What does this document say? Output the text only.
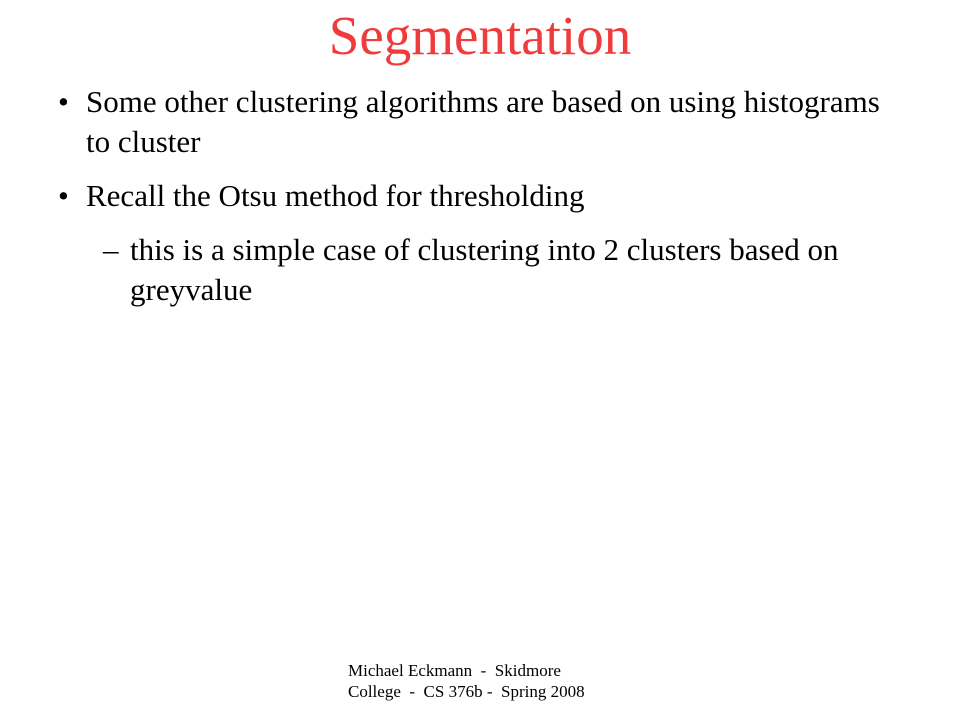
Segmentation
• Some other clustering algorithms are based on using histograms to cluster
• Recall the Otsu method for thresholding
– this is a simple case of clustering into 2 clusters based on greyvalue
Michael Eckmann  -  Skidmore
College  -  CS 376b -  Spring 2008
